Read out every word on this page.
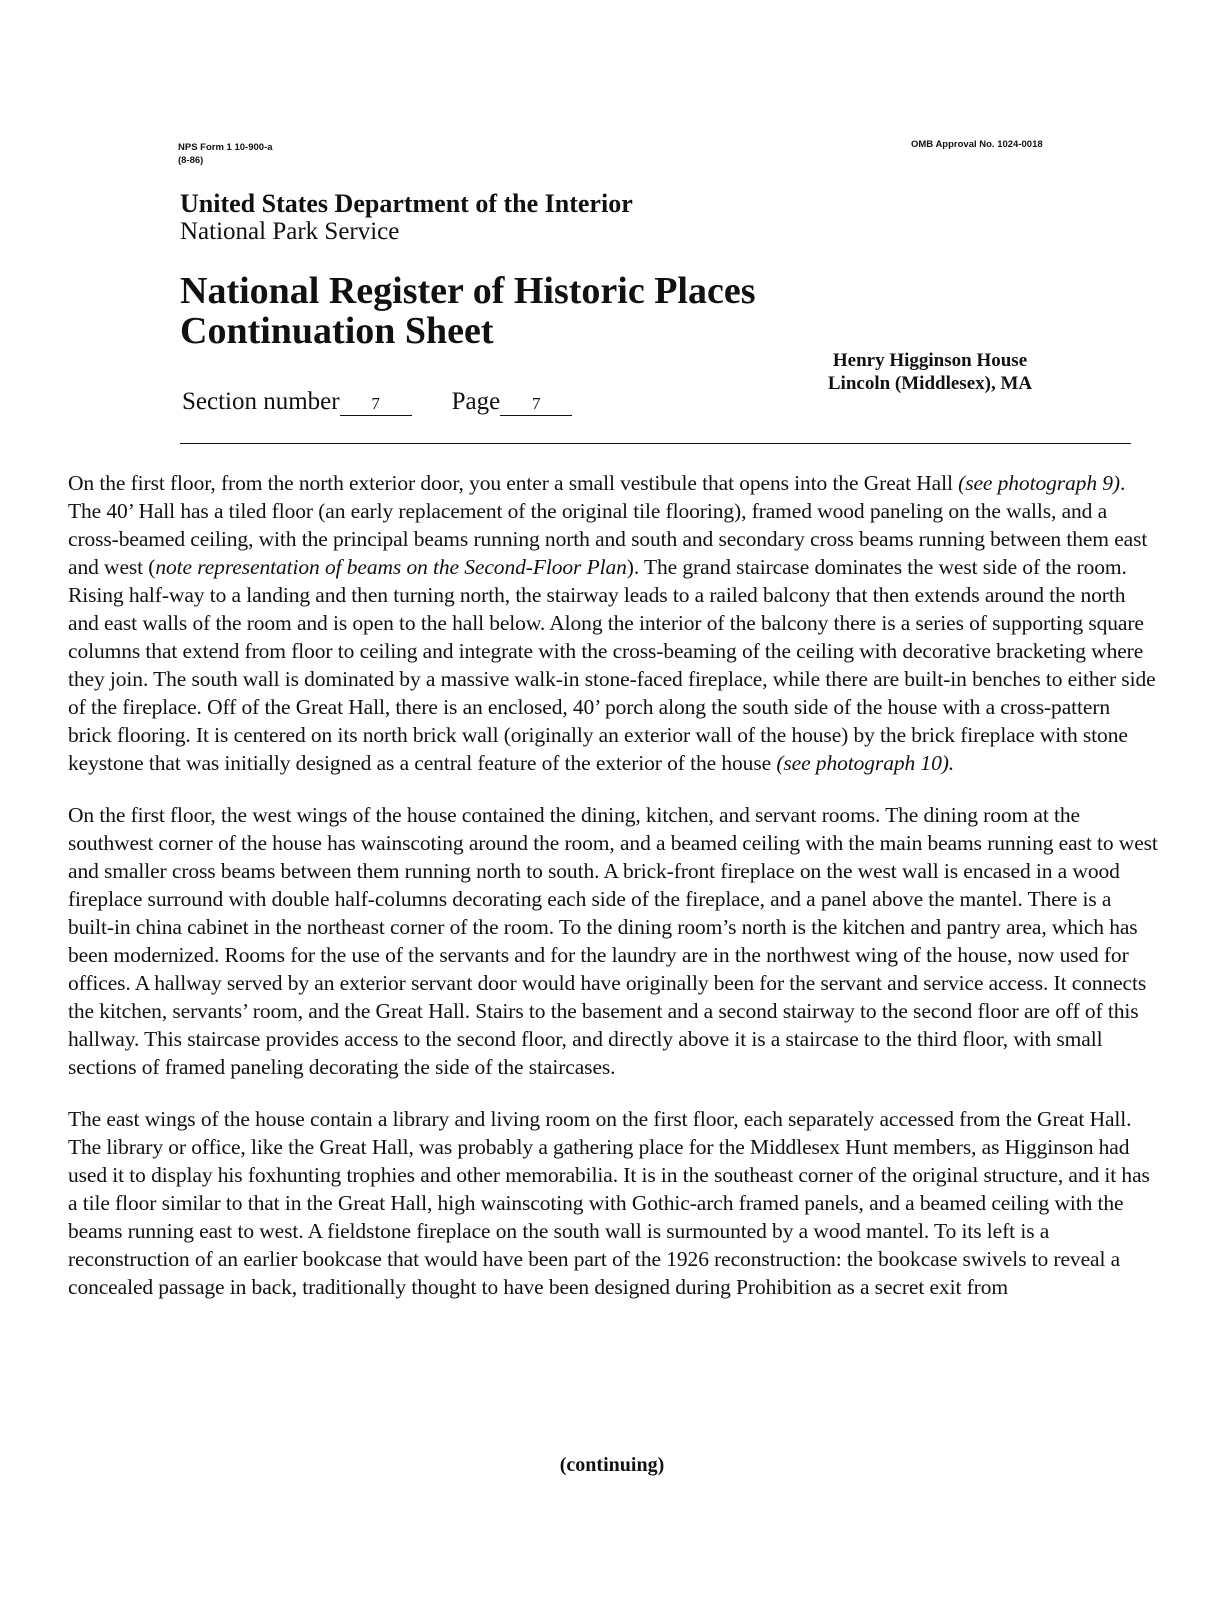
NPS Form 1 10-900-a
(8-86)
OMB Approval No. 1024-0018
United States Department of the Interior
National Park Service
National Register of Historic Places
Continuation Sheet
Henry Higginson House
Lincoln (Middlesex), MA
Section number 7	Page 7

On the first floor, from the north exterior door, you enter a small vestibule that opens into the Great Hall (see photograph 9). The 40’ Hall has a tiled floor (an early replacement of the original tile flooring), framed wood paneling on the walls, and a cross-beamed ceiling, with the principal beams running north and south and secondary cross beams running between them east and west (note representation of beams on the Second-Floor Plan). The grand staircase dominates the west side of the room. Rising half-way to a landing and then turning north, the stairway leads to a railed balcony that then extends around the north and east walls of the room and is open to the hall below. Along the interior of the balcony there is a series of supporting square columns that extend from floor to ceiling and integrate with the cross-beaming of the ceiling with decorative bracketing where they join. The south wall is dominated by a massive walk-in stone-faced fireplace, while there are built-in benches to either side of the fireplace. Off of the Great Hall, there is an enclosed, 40’ porch along the south side of the house with a cross-pattern brick flooring. It is centered on its north brick wall (originally an exterior wall of the house) by the brick fireplace with stone keystone that was initially designed as a central feature of the exterior of the house (see photograph 10).

On the first floor, the west wings of the house contained the dining, kitchen, and servant rooms. The dining room at the southwest corner of the house has wainscoting around the room, and a beamed ceiling with the main beams running east to west and smaller cross beams between them running north to south. A brick-front fireplace on the west wall is encased in a wood fireplace surround with double half-columns decorating each side of the fireplace, and a panel above the mantel. There is a built-in china cabinet in the northeast corner of the room. To the dining room’s north is the kitchen and pantry area, which has been modernized. Rooms for the use of the servants and for the laundry are in the northwest wing of the house, now used for offices. A hallway served by an exterior servant door would have originally been for the servant and service access. It connects the kitchen, servants’ room, and the Great Hall. Stairs to the basement and a second stairway to the second floor are off of this hallway. This staircase provides access to the second floor, and directly above it is a staircase to the third floor, with small sections of framed paneling decorating the side of the staircases.

The east wings of the house contain a library and living room on the first floor, each separately accessed from the Great Hall. The library or office, like the Great Hall, was probably a gathering place for the Middlesex Hunt members, as Higginson had used it to display his foxhunting trophies and other memorabilia. It is in the southeast corner of the original structure, and it has a tile floor similar to that in the Great Hall, high wainscoting with Gothic-arch framed panels, and a beamed ceiling with the beams running east to west. A fieldstone fireplace on the south wall is surmounted by a wood mantel. To its left is a reconstruction of an earlier bookcase that would have been part of the 1926 reconstruction: the bookcase swivels to reveal a concealed passage in back, traditionally thought to have been designed during Prohibition as a secret exit from

(continuing)
